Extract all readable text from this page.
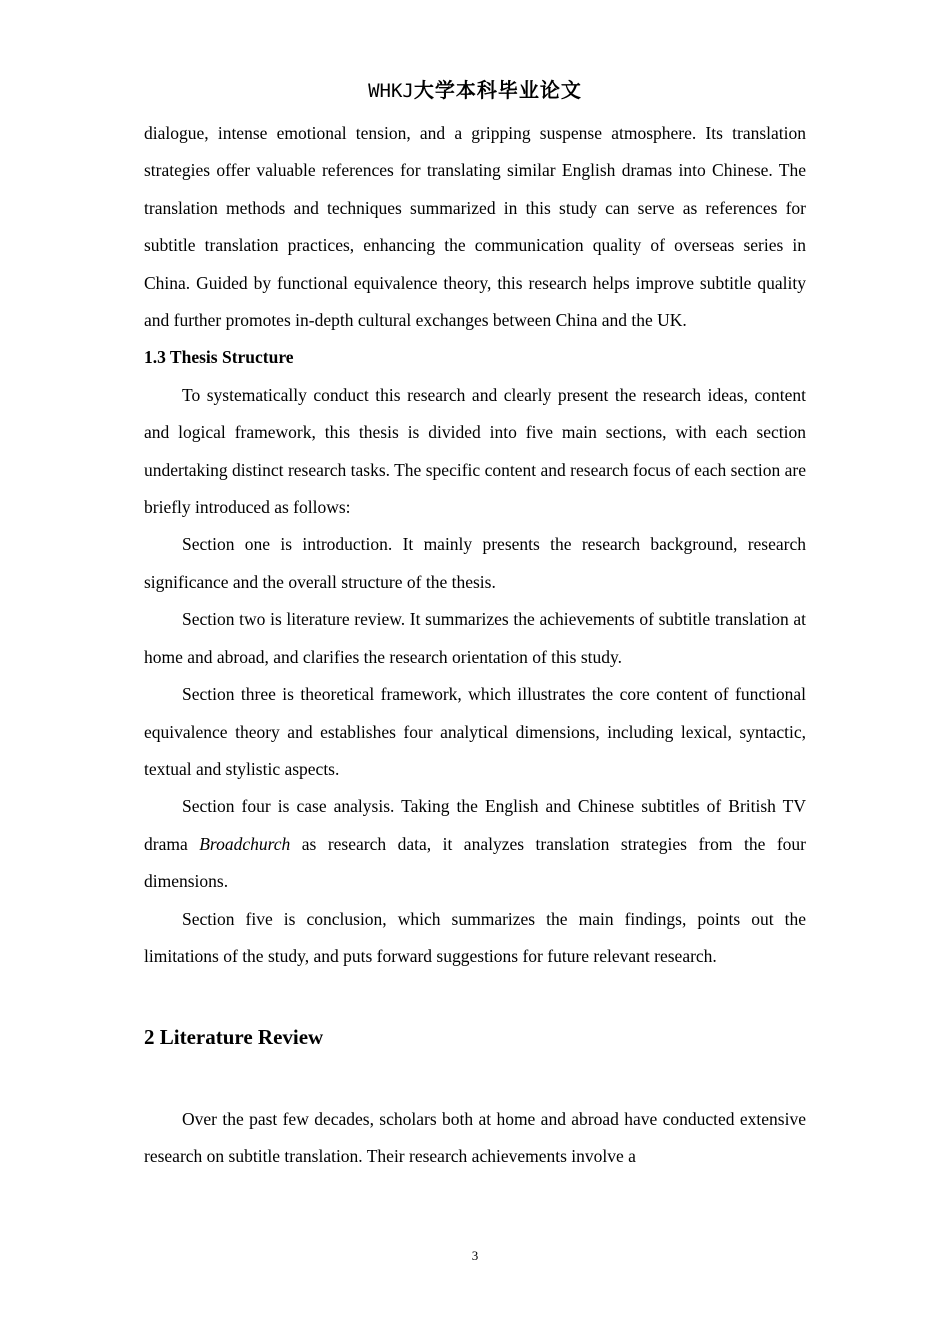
WHKJ大学本科毕业论文

dialogue, intense emotional tension, and a gripping suspense atmosphere. Its translation strategies offer valuable references for translating similar English dramas into Chinese. The translation methods and techniques summarized in this study can serve as references for subtitle translation practices, enhancing the communication quality of overseas series in China. Guided by functional equivalence theory, this research helps improve subtitle quality and further promotes in-depth cultural exchanges between China and the UK.

1.3 Thesis Structure

To systematically conduct this research and clearly present the research ideas, content and logical framework, this thesis is divided into five main sections, with each section undertaking distinct research tasks. The specific content and research focus of each section are briefly introduced as follows:

Section one is introduction. It mainly presents the research background, research significance and the overall structure of the thesis.

Section two is literature review. It summarizes the achievements of subtitle translation at home and abroad, and clarifies the research orientation of this study.

Section three is theoretical framework, which illustrates the core content of functional equivalence theory and establishes four analytical dimensions, including lexical, syntactic, textual and stylistic aspects.

Section four is case analysis. Taking the English and Chinese subtitles of British TV drama Broadchurch as research data, it analyzes translation strategies from the four dimensions.

Section five is conclusion, which summarizes the main findings, points out the limitations of the study, and puts forward suggestions for future relevant research.

2 Literature Review

Over the past few decades, scholars both at home and abroad have conducted extensive research on subtitle translation. Their research achievements involve a

3
